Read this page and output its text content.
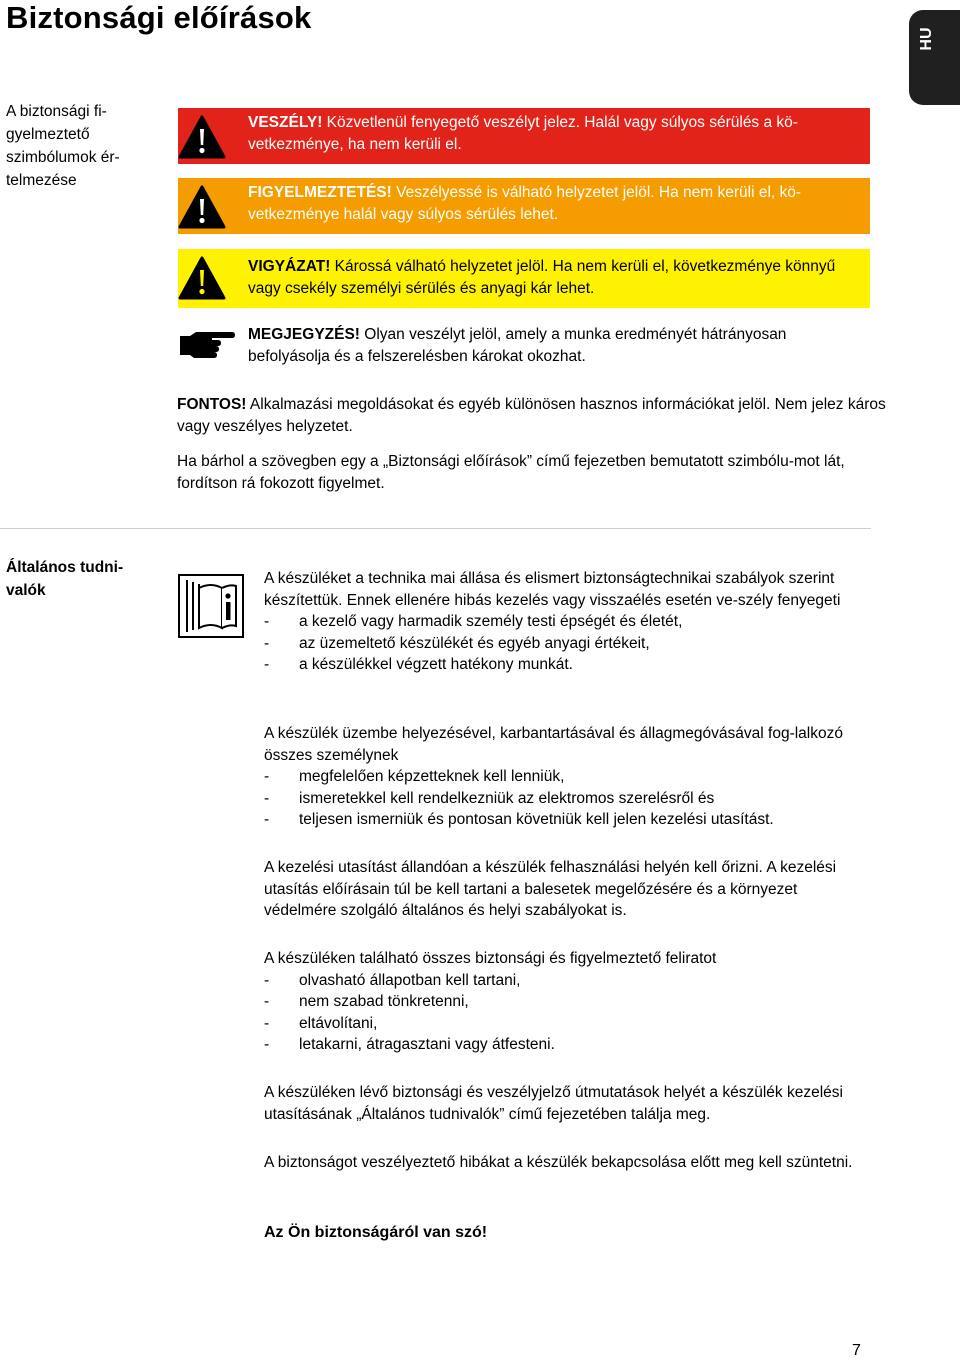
Biztonsági előírások
HU
A biztonsági fi-gyelmeztető szimbólumok ér-telmezése
VESZÉLY! Közvetlenül fenyegető veszélyt jelez. Halál vagy súlyos sérülés a kö-vetkezménye, ha nem kerüli el.
FIGYELMEZTETÉS! Veszélyessé is válható helyzetet jelöl. Ha nem kerüli el, kö-vetkezménye halál vagy súlyos sérülés lehet.
VIGYÁZAT! Károssá válható helyzetet jelöl. Ha nem kerüli el, következménye könnyű vagy csekély személyi sérülés és anyagi kár lehet.
MEGJEGYZÉS! Olyan veszélyt jelöl, amely a munka eredményét hátrányosan befolyásolja és a felszerelésben károkat okozhat.
FONTOS! Alkalmazási megoldásokat és egyéb különösen hasznos információkat jelöl. Nem jelez káros vagy veszélyes helyzetet.
Ha bárhol a szövegben egy a „Biztonsági előírások” című fejezetben bemutatott szimbólu-mot lát, fordítson rá fokozott figyelmet.
Általános tudni-valók

A készüléket a technika mai állása és elismert biztonságtechnikai szabályok szerint készítettük. Ennek ellenére hibás kezelés vagy visszaélés esetén ve-szély fenyegeti

- a kezelő vagy harmadik személy testi épségét és életét,
- az üzemeltető készülékét és egyéb anyagi értékeit,
- a készülékkel végzett hatékony munkát.

A készülék üzembe helyezésével, karbantartásával és állagmegóvásával fog-lalkozó összes személynek

- megfelelően képzetteknek kell lenniük,
- ismeretekkel kell rendelkezniük az elektromos szerelésről és
- teljesen ismerniük és pontosan követniük kell jelen kezelési utasítást.

A kezelési utasítást állandóan a készülék felhasználási helyén kell őrizni. A kezelési utasítás előírásain túl be kell tartani a balesetek megelőzésére és a környezet védelmére szolgáló általános és helyi szabályokat is.

A készüléken található összes biztonsági és figyelmeztető feliratot

- olvasható állapotban kell tartani,
- nem szabad tönkretenni,
- eltávolítani,
- letakarni, átragasztani vagy átfesteni.

A készüléken lévő biztonsági és veszélyjelző útmutatások helyét a készülék kezelési utasításának „Általános tudnivalók” című fejezetében találja meg.

A biztonságot veszélyeztető hibákat a készülék bekapcsolása előtt meg kell szüntetni.

Az Ön biztonságáról van szó!
7
